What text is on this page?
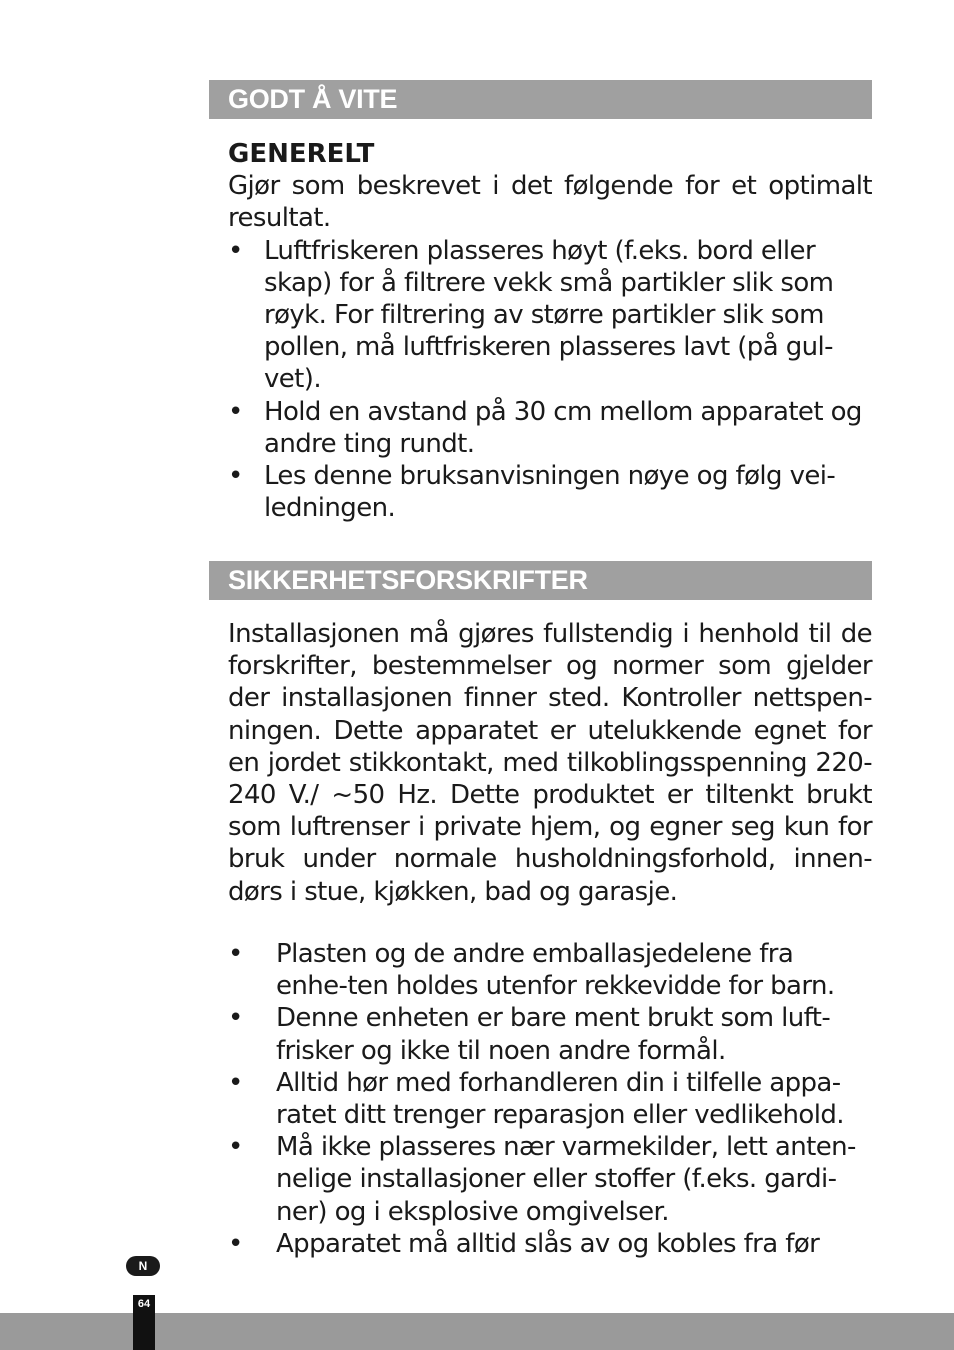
GODT Å VITE

GENERELT

Gjør som beskrevet i det følgende for et optimalt resultat.

• Luftfriskeren plasseres høyt (f.eks. bord eller skap) for å filtrere vekk små partikler slik som røyk. For filtrering av større partikler slik som pollen, må luftfriskeren plasseres lavt (på gul-vet).
• Hold en avstand på 30 cm mellom apparatet og andre ting rundt.
• Les denne bruksanvisningen nøye og følg vei-ledningen.
SIKKERHETSFORSKRIFTER

Installasjonen må gjøres fullstendig i henhold til de forskrifter, bestemmelser og normer som gjelder der installasjonen finner sted. Kontroller nettspen-ningen. Dette apparatet er utelukkende egnet for en jordet stikkontakt, med tilkoblingsspenning 220-240 V./ ~50 Hz. Dette produktet er tiltenkt brukt som luftrenser i private hjem, og egner seg kun for bruk under normale husholdningsforhold, innen-dørs i stue, kjøkken, bad og garasje.

• Plasten og de andre emballasjedelene fra enhe-ten holdes utenfor rekkevidde for barn.
• Denne enheten er bare ment brukt som luft-frisker og ikke til noen andre formål.
• Alltid hør med forhandleren din i tilfelle appa-ratet ditt trenger reparasjon eller vedlikehold.
• Må ikke plasseres nær varmekilder, lett anten-nelige installasjoner eller stoffer (f.eks. gardi-ner) og i eksplosive omgivelser.
• Apparatet må alltid slås av og kobles fra før
N
64
